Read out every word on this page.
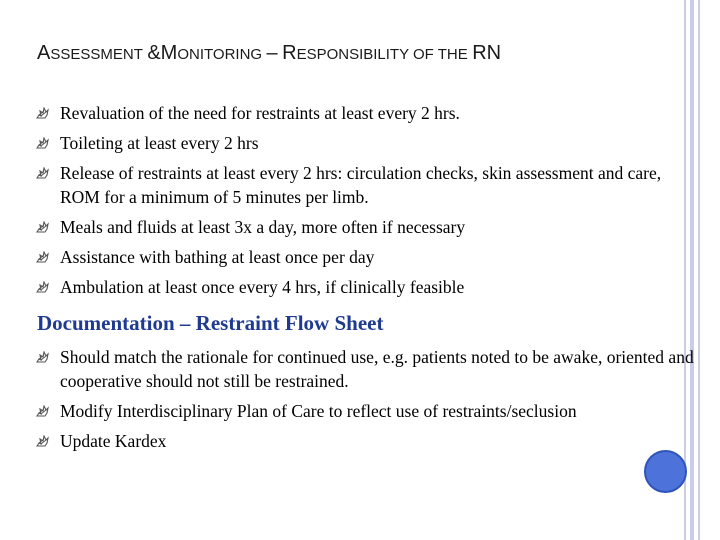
ASSESSMENT &MONITORING – RESPONSIBILITY OF THE RN
Revaluation of the need for restraints at least every 2 hrs.
Toileting at least every 2 hrs
Release of restraints at least every 2 hrs: circulation checks, skin assessment and care, ROM for a minimum of 5 minutes per limb.
Meals and fluids at least 3x a day, more often if necessary
Assistance with bathing at least once per day
Ambulation at least once every 4 hrs, if clinically feasible
Documentation – Restraint Flow Sheet
Should match the rationale for continued use, e.g. patients noted to be awake, oriented and cooperative should not still be restrained.
Modify Interdisciplinary Plan of Care to reflect use of restraints/seclusion
Update Kardex
